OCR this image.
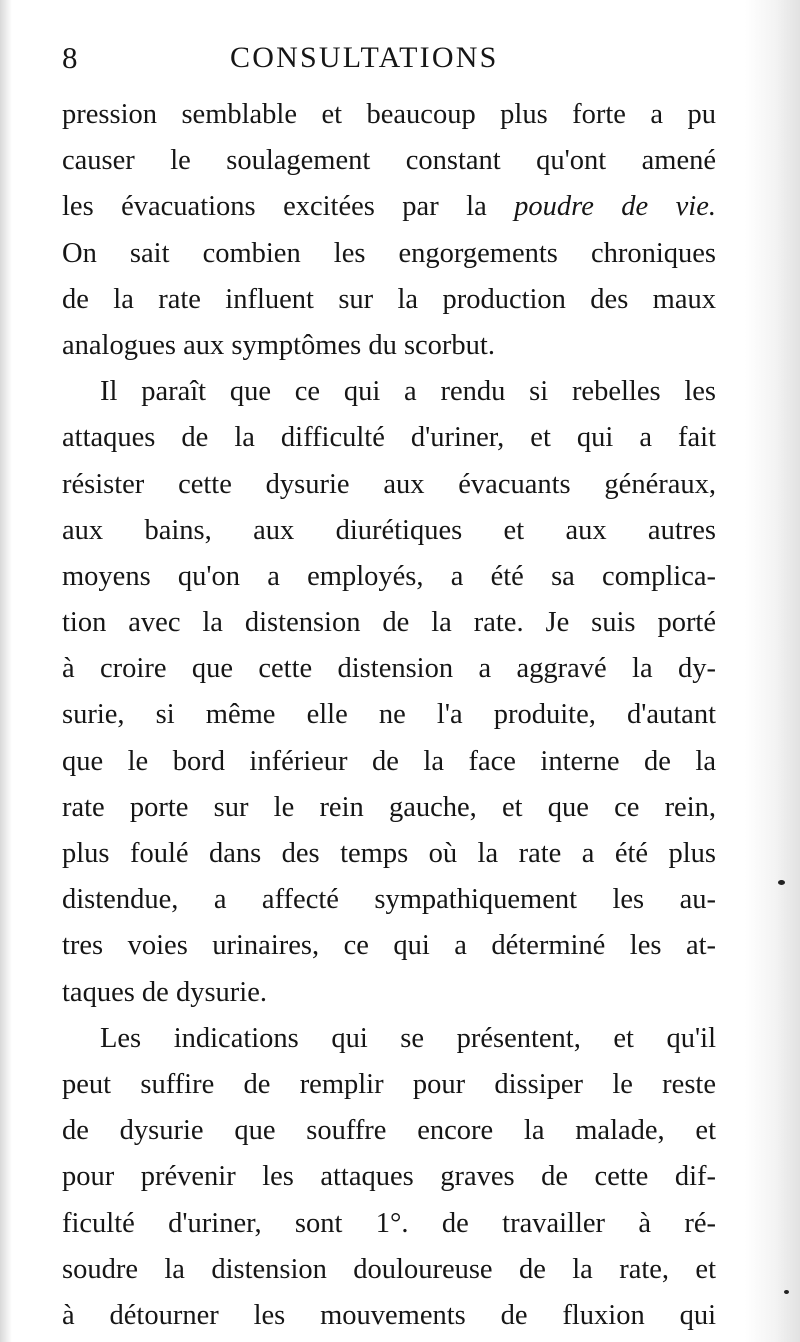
8	CONSULTATIONS
pression semblable et beaucoup plus forte a pu
causer le soulagement constant qu'ont amené
les évacuations excitées par la poudre de vie.
On sait combien les engorgements chroniques
de la rate influent sur la production des maux
analogues aux symptômes du scorbut.
Il paraît que ce qui a rendu si rebelles les
attaques de la difficulté d'uriner, et qui a fait
résister cette dysurie aux évacuants généraux,
aux bains, aux diurétiques et aux autres
moyens qu'on a employés, a été sa complica-
tion avec la distension de la rate. Je suis porté
à croire que cette distension a aggravé la dy-
surie, si même elle ne l'a produite, d'autant
que le bord inférieur de la face interne de la
rate porte sur le rein gauche, et que ce rein,
plus foulé dans des temps où la rate a été plus
distendue, a affecté sympathiquement les au-
tres voies urinaires, ce qui a déterminé les at-
taques de dysurie.
Les indications qui se présentent, et qu'il
peut suffire de remplir pour dissiper le reste
de dysurie que souffre encore la malade, et
pour prévenir les attaques graves de cette dif-
ficulté d'uriner, sont 1°. de travailler à ré-
soudre la distension douloureuse de la rate, et
à détourner les mouvements de fluxion qui
